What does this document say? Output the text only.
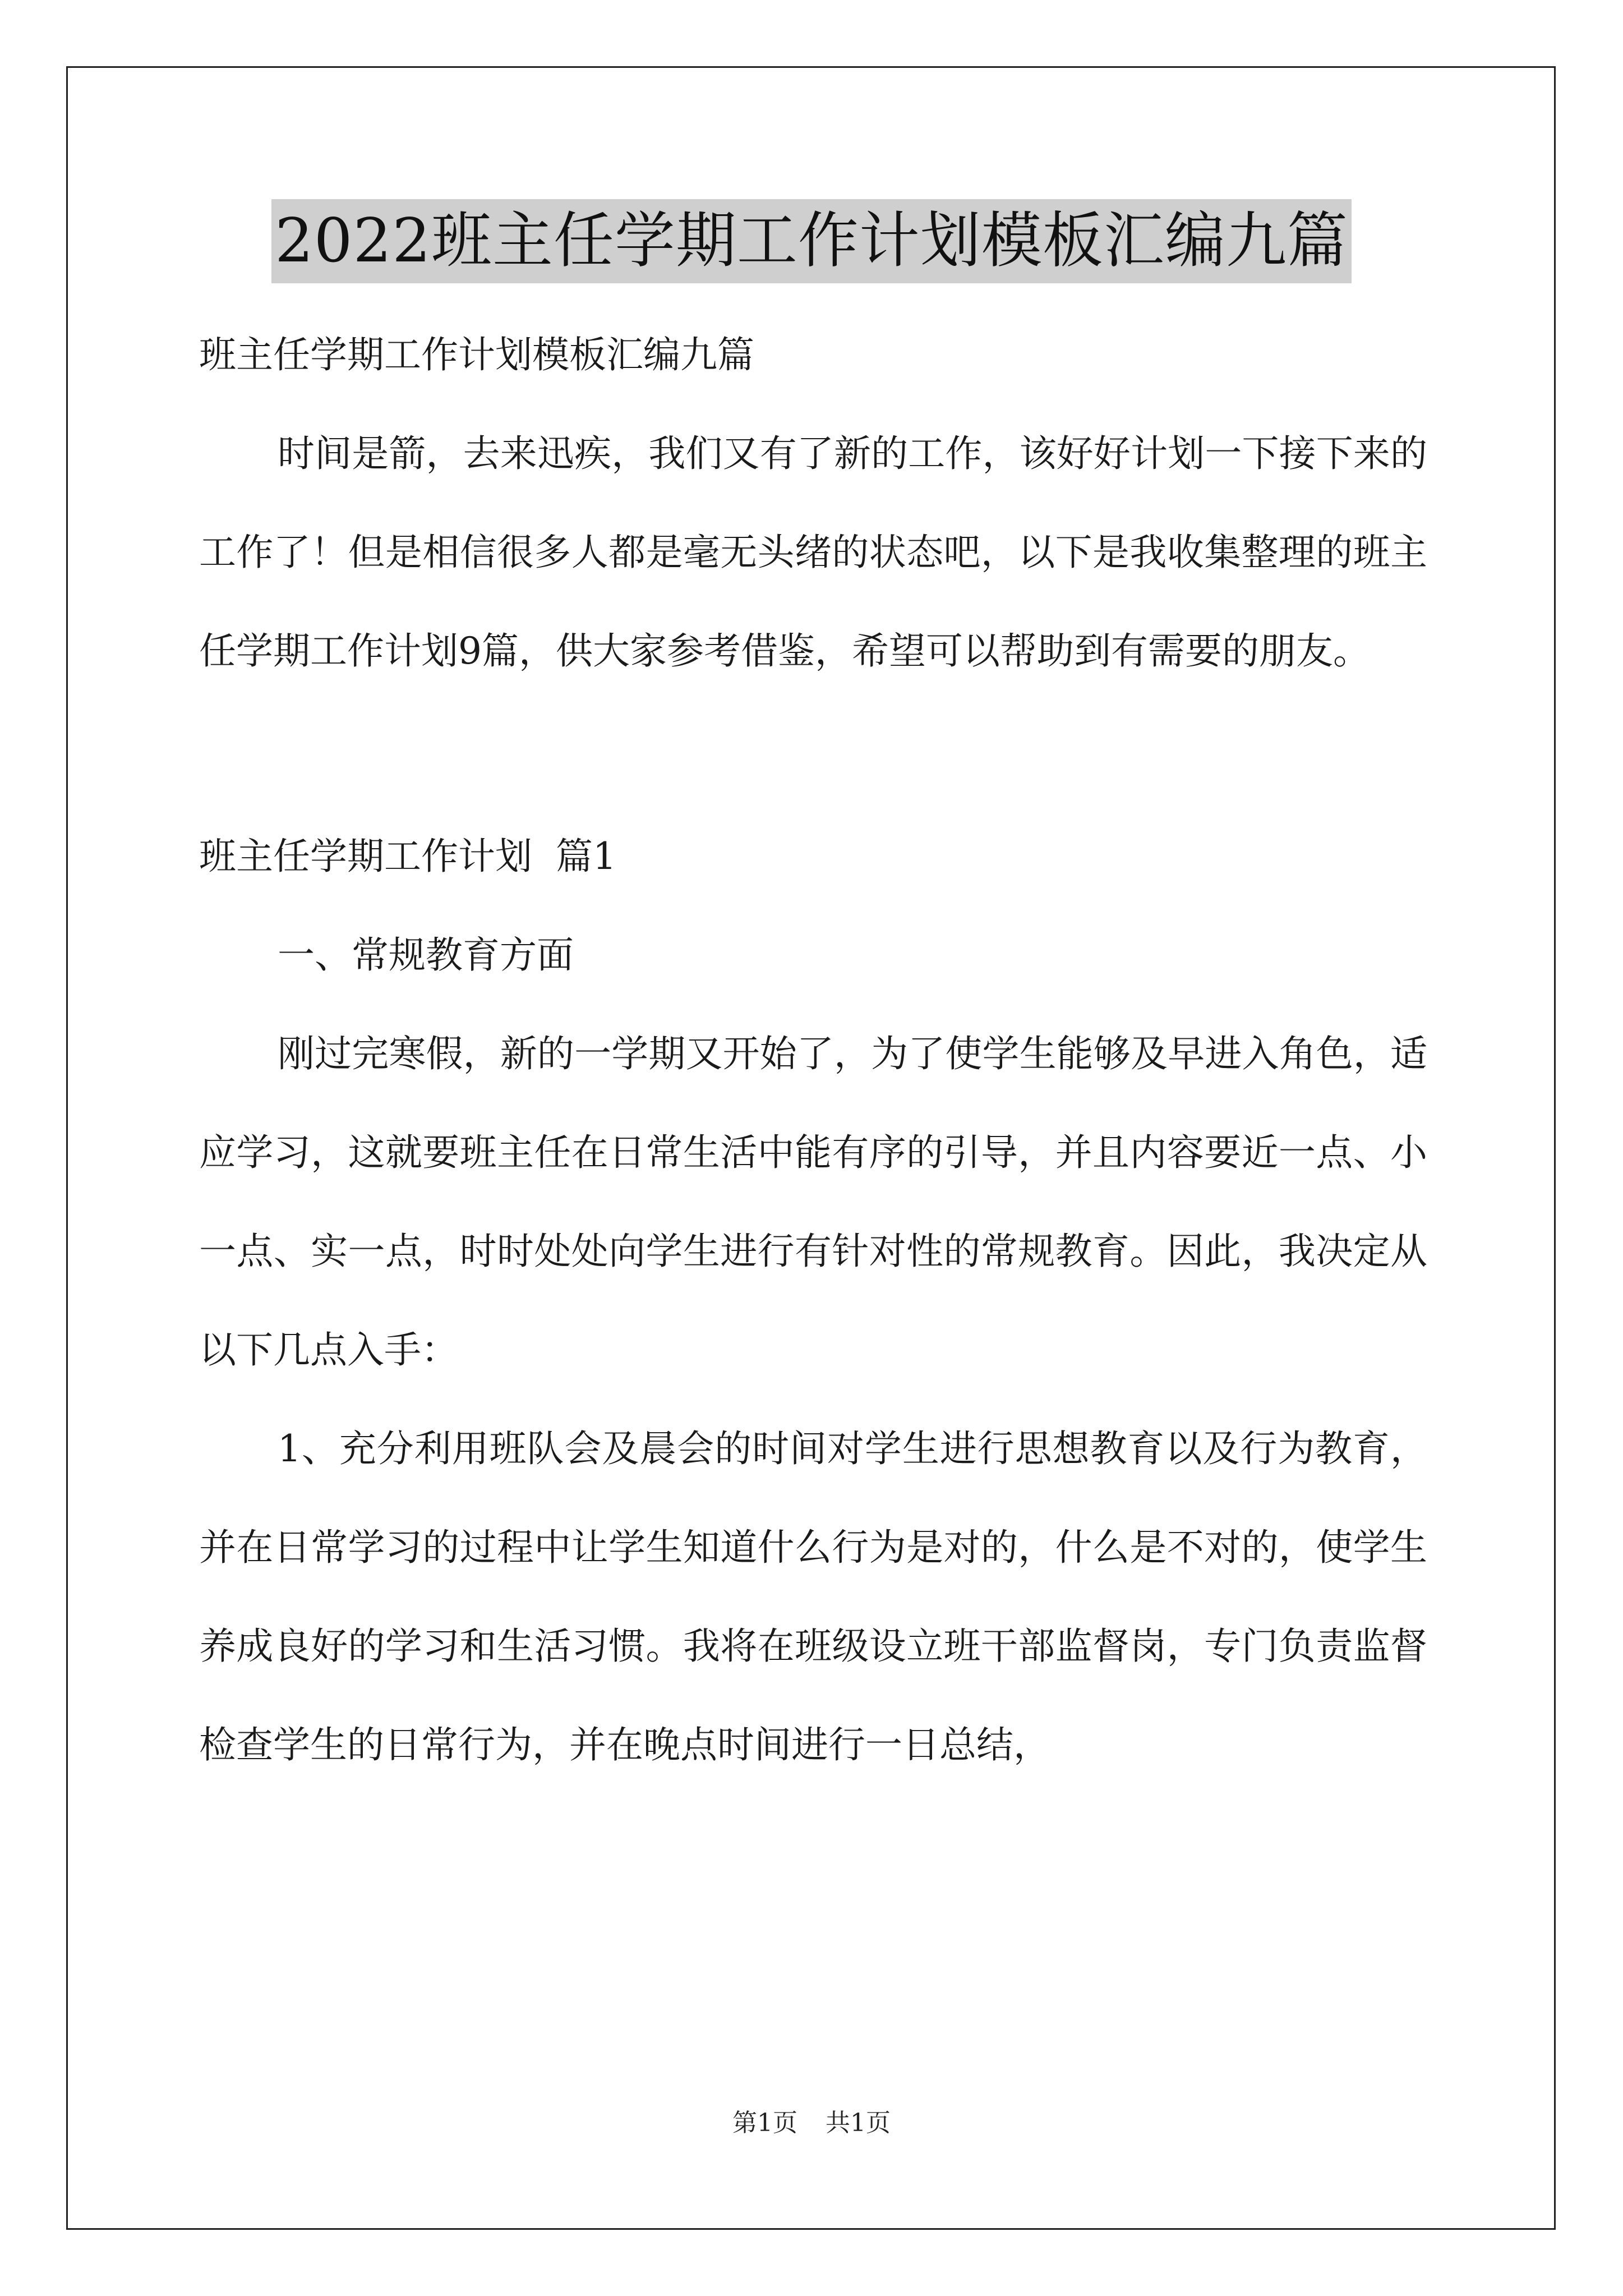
2022班主任学期工作计划模板汇编九篇

班主任学期工作计划模板汇编九篇

时间是箭，去来迅疾，我们又有了新的工作，该好好计划一下接下来的工作了！但是相信很多人都是毫无头绪的状态吧，以下是我收集整理的班主任学期工作计划9篇，供大家参考借鉴，希望可以帮助到有需要的朋友。

班主任学期工作计划  篇1

一、常规教育方面

刚过完寒假，新的一学期又开始了，为了使学生能够及早进入角色，适应学习，这就要班主任在日常生活中能有序的引导，并且内容要近一点、小一点、实一点，时时处处向学生进行有针对性的常规教育。因此，我决定从以下几点入手：

1、充分利用班队会及晨会的时间对学生进行思想教育以及行为教育，并在日常学习的过程中让学生知道什么行为是对的，什么是不对的，使学生养成良好的学习和生活习惯。我将在班级设立班干部监督岗，专门负责监督检查学生的日常行为，并在晚点时间进行一日总结，

第1页 共1页
